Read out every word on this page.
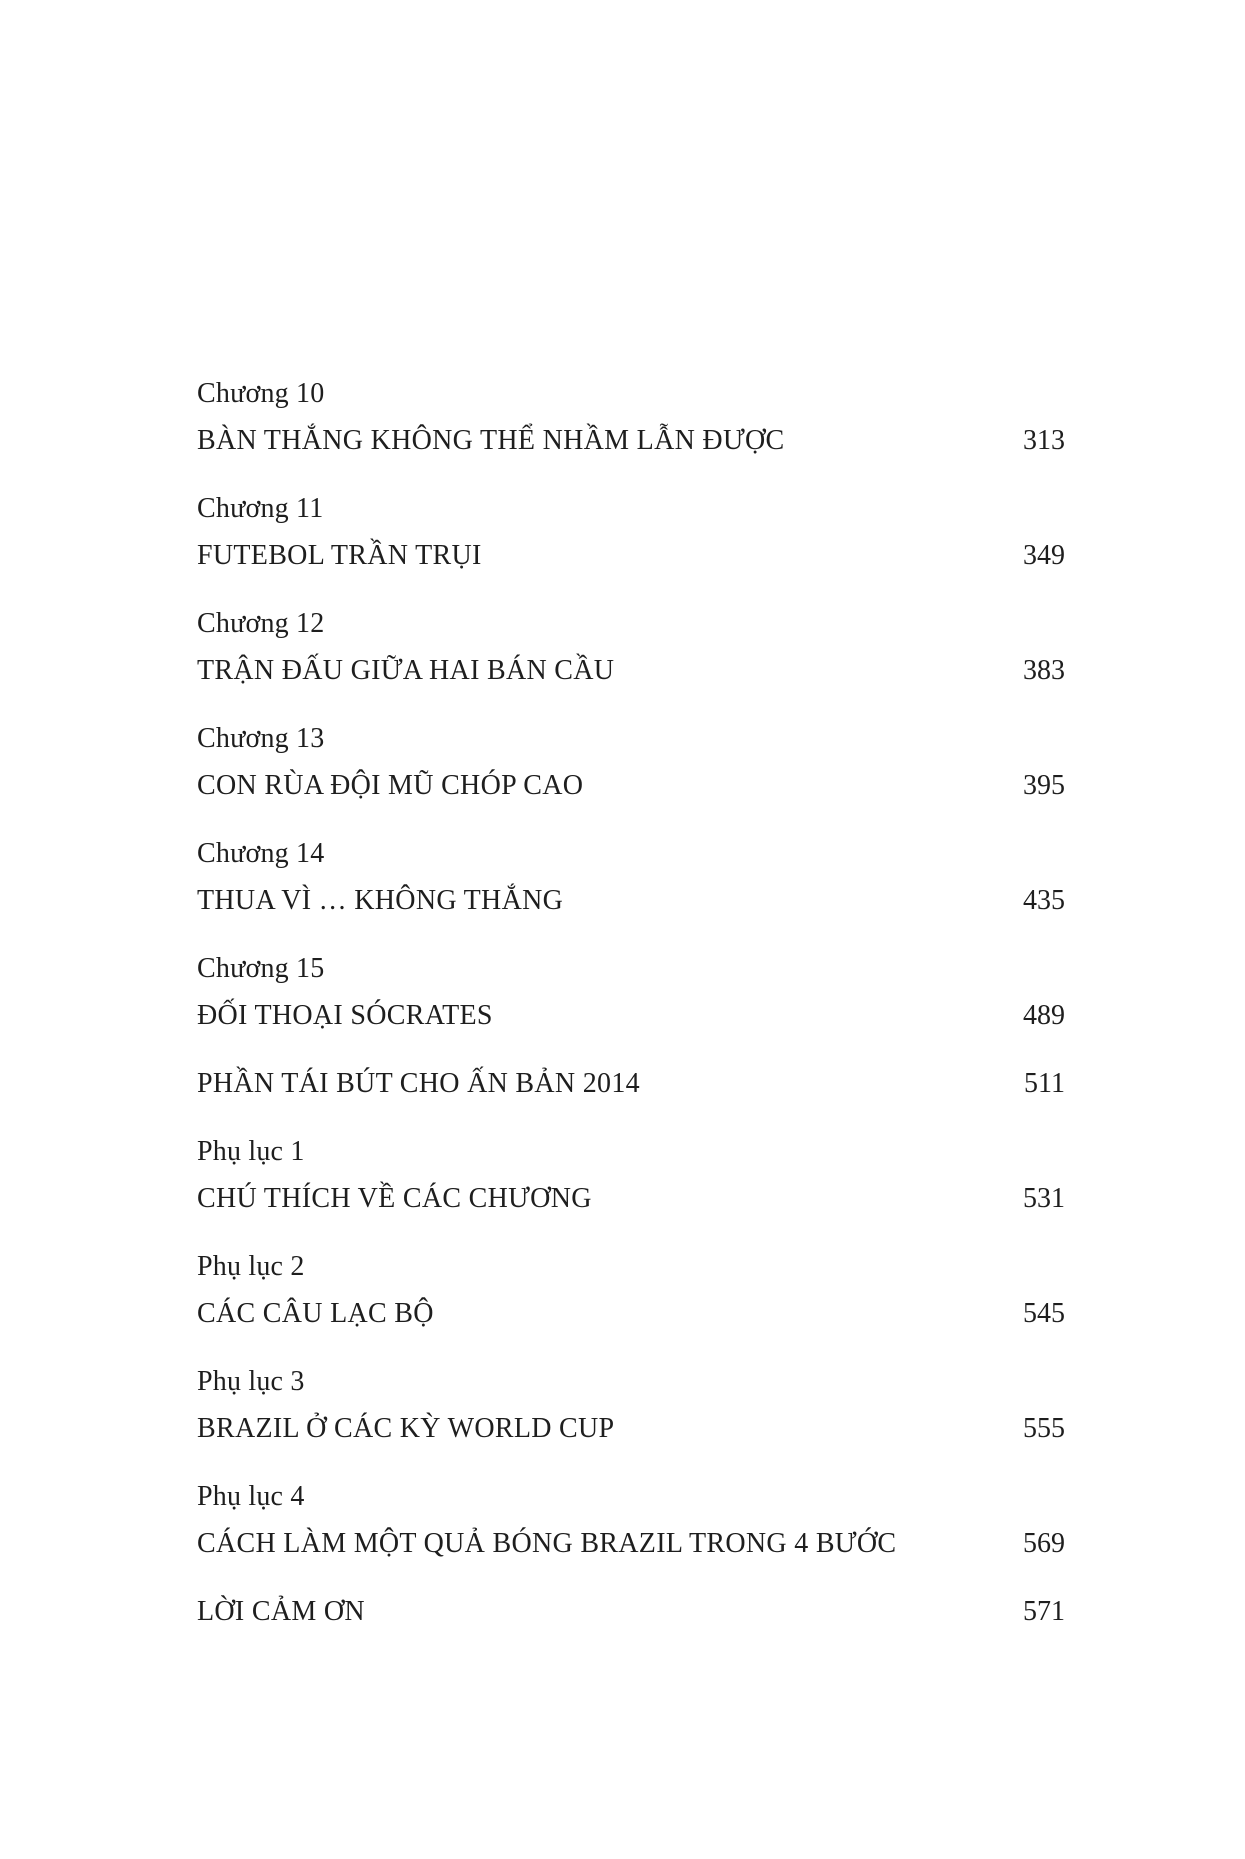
Chương 10
BÀN THẮNG KHÔNG THỂ NHẦM LẪN ĐƯỢC	313
Chương 11
FUTEBOL TRẦN TRỤI	349
Chương 12
TRẬN ĐẤU GIỮA HAI BÁN CẦU	383
Chương 13
CON RÙA ĐỘI MŨ CHÓP CAO	395
Chương 14
THUA VÌ … KHÔNG THẮNG	435
Chương 15
ĐỐI THOẠI SÓCRATES	489
PHẦN TÁI BÚT CHO ẤN BẢN 2014	511
Phụ lục 1
CHÚ THÍCH VỀ CÁC CHƯƠNG	531
Phụ lục 2
CÁC CÂU LẠC BỘ	545
Phụ lục 3
BRAZIL Ở CÁC KỲ WORLD CUP	555
Phụ lục 4
CÁCH LÀM MỘT QUẢ BÓNG BRAZIL TRONG 4 BƯỚC	569
LỜI CẢM ƠN	571
